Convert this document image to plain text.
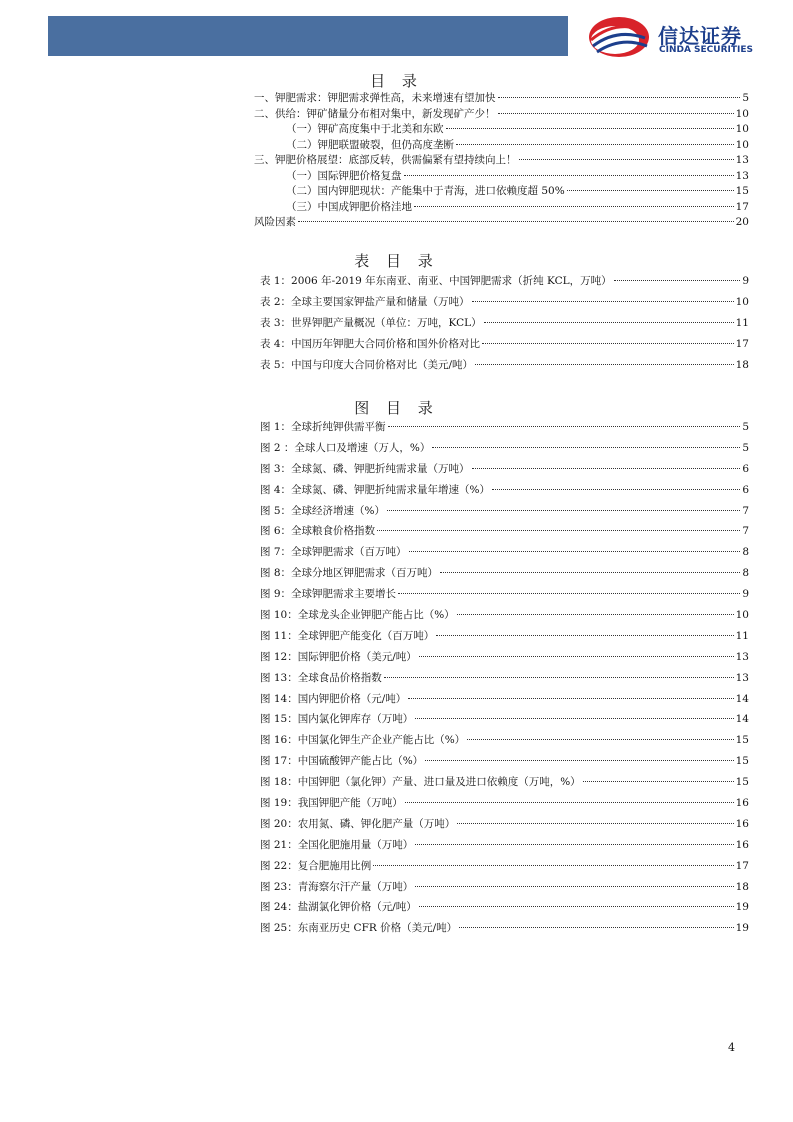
信达证券
CINDA SECURITIES
目 录
一、钾肥需求：钾肥需求弹性高，未来增速有望加快	5
二、供给：钾矿储量分布相对集中，新发现矿产少！	10
（一）钾矿高度集中于北美和东欧	10
（二）钾肥联盟破裂，但仍高度垄断	10
三、钾肥价格展望：底部反转，供需偏紧有望持续向上！	13
（一）国际钾肥价格复盘	13
（二）国内钾肥现状：产能集中于青海，进口依赖度超 50%	15
（三）中国成钾肥价格洼地	17
风险因素	20
表 目 录
表 1：2006 年-2019 年东南亚、南亚、中国钾肥需求（折纯 KCL，万吨）	9
表 2：全球主要国家钾盐产量和储量（万吨）	10
表 3：世界钾肥产量概况（单位：万吨，KCL）	11
表 4：中国历年钾肥大合同价格和国外价格对比	17
表 5：中国与印度大合同价格对比（美元/吨）	18
图 目 录
图 1：全球折纯钾供需平衡	5
图 2 ：全球人口及增速（万人，%）	5
图 3：全球氮、磷、钾肥折纯需求量（万吨）	6
图 4：全球氮、磷、钾肥折纯需求量年增速（%）	6
图 5：全球经济增速（%）	7
图 6：全球粮食价格指数	7
图 7：全球钾肥需求（百万吨）	8
图 8：全球分地区钾肥需求（百万吨）	8
图 9：全球钾肥需求主要增长	9
图 10：全球龙头企业钾肥产能占比（%）	10
图 11：全球钾肥产能变化（百万吨）	11
图 12：国际钾肥价格（美元/吨）	13
图 13：全球食品价格指数	13
图 14：国内钾肥价格（元/吨）	14
图 15：国内氯化钾库存（万吨）	14
图 16：中国氯化钾生产企业产能占比（%）	15
图 17：中国硫酸钾产能占比（%）	15
图 18：中国钾肥（氯化钾）产量、进口量及进口依赖度（万吨，%）	15
图 19：我国钾肥产能（万吨）	16
图 20：农用氮、磷、钾化肥产量（万吨）	16
图 21：全国化肥施用量（万吨）	16
图 22：复合肥施用比例	17
图 23：青海察尔汗产量（万吨）	18
图 24：盐湖氯化钾价格（元/吨）	19
图 25：东南亚历史 CFR 价格（美元/吨）	19
4
